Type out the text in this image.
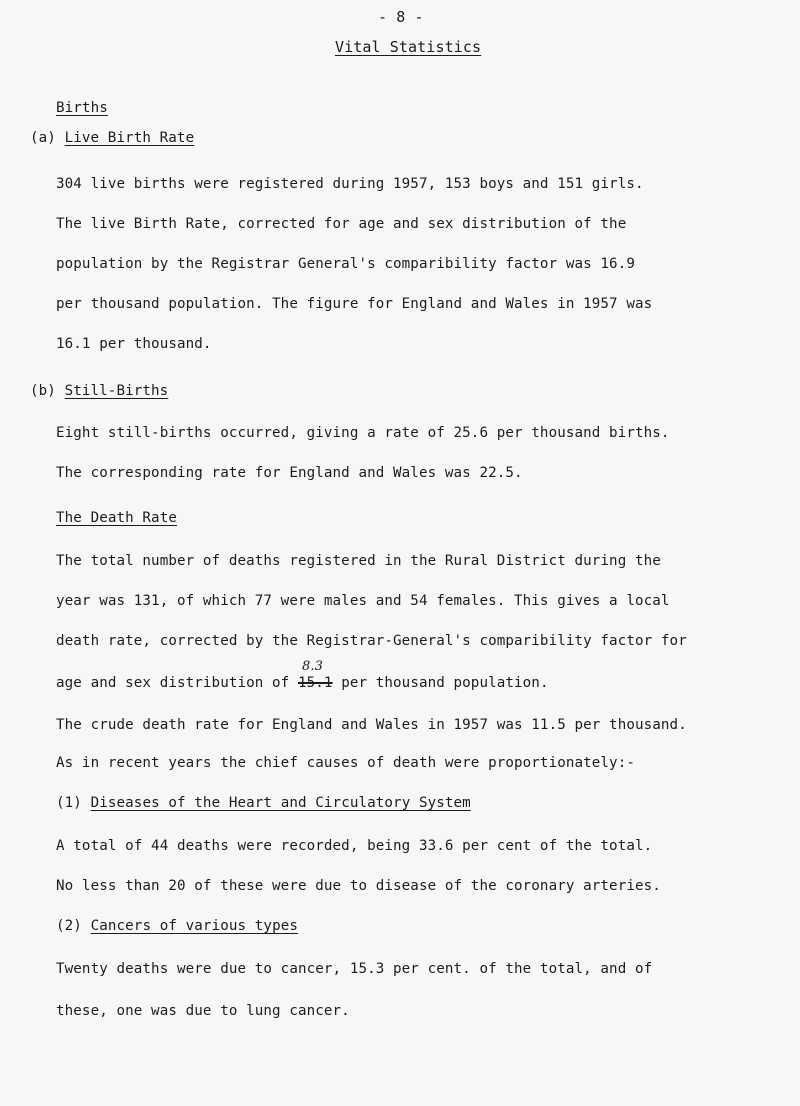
- 8 -
Vital Statistics
Births
(a) Live Birth Rate
304 live births were registered during 1957, 153 boys and 151 girls.
The live Birth Rate, corrected for age and sex distribution of the
population by the Registrar General's comparibility factor was 16.9
per thousand population. The figure for England and Wales in 1957 was
16.1 per thousand.
(b) Still-Births
Eight still-births occurred, giving a rate of 25.6 per thousand births.
The corresponding rate for England and Wales was 22.5.
The Death Rate
The total number of deaths registered in the Rural District during the
year was 131, of which 77 were males and 54 females. This gives a local
death rate, corrected by the Registrar-General's comparibility factor for
age and sex distribution of 15.1
8.3
per thousand population.
The crude death rate for England and Wales in 1957 was 11.5 per thousand.
As in recent years the chief causes of death were proportionately:-
(1) Diseases of the Heart and Circulatory System
A total of 44 deaths were recorded, being 33.6 per cent of the total.
No less than 20 of these were due to disease of the coronary arteries.
(2) Cancers of various types
Twenty deaths were due to cancer, 15.3 per cent. of the total, and of
these, one was due to lung cancer.
